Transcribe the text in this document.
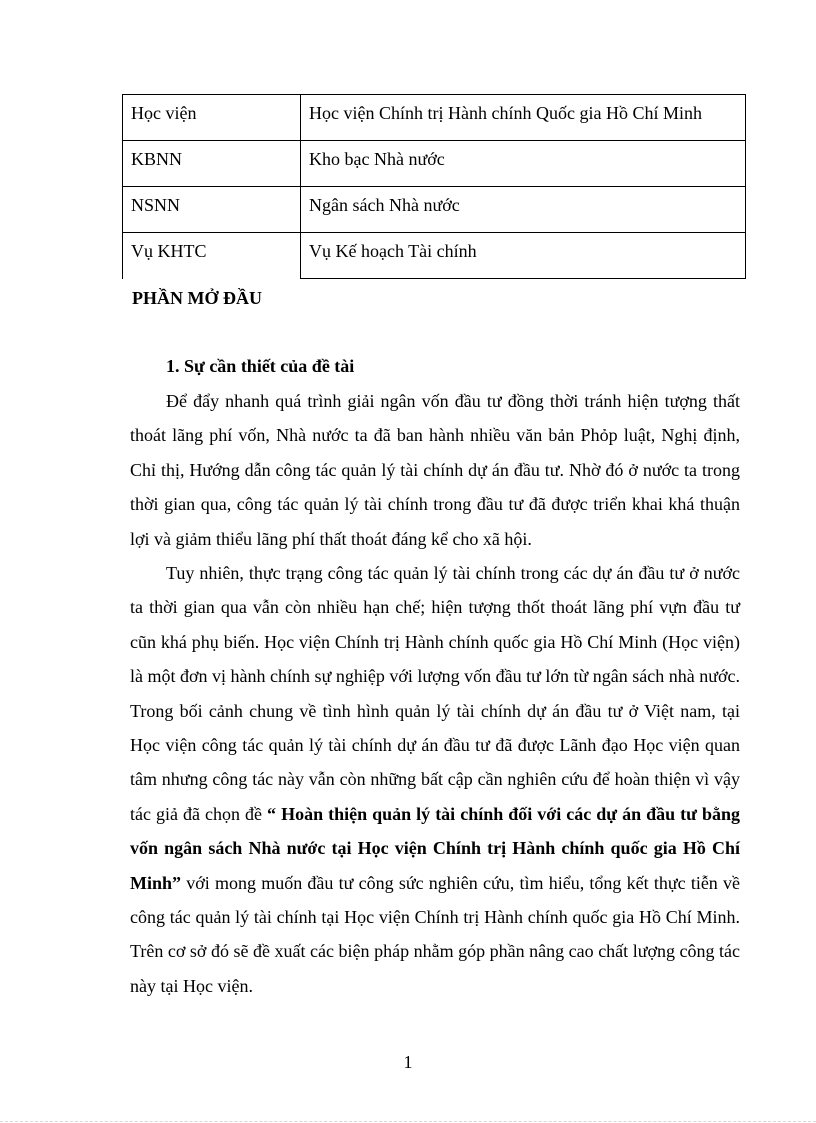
Học viện	Học viện Chính trị Hành chính Quốc gia Hồ Chí Minh
KBNN	Kho bạc Nhà nước
NSNN	Ngân sách Nhà nước
Vụ KHTC	Vụ Kế hoạch Tài chính
PHẦN MỞ ĐẦU
1. Sự cần thiết của đề tài

Để đẩy nhanh quá trình giải ngân vốn đầu tư đồng thời tránh hiện tượng thất thoát lãng phí vốn, Nhà nước ta đã ban hành nhiều văn bản Phỏp luật, Nghị định, Chỉ thị, Hướng dẫn công tác quản lý tài chính dự án đầu tư. Nhờ đó ở nước ta trong thời gian qua, công tác quản lý tài chính trong đầu tư đã được triển khai khá thuận lợi và giảm thiểu lãng phí thất thoát đáng kể cho xã hội.

Tuy nhiên, thực trạng công tác quản lý tài chính trong các dự án đầu tư ở nước ta thời gian qua vẫn còn nhiều hạn chế; hiện tượng thốt thoát lãng phí vựn đầu tư cũn khá phụ biến. Học viện Chính trị Hành chính quốc gia Hồ Chí Minh (Học viện) là một đơn vị hành chính sự nghiệp với lượng vốn đầu tư lớn từ ngân sách nhà nước. Trong bối cảnh chung về tình hình quản lý tài chính dự án đầu tư ở Việt nam, tại Học viện công tác quản lý tài chính dự án đầu tư đã được Lãnh đạo Học viện quan tâm nhưng công tác này vẫn còn những bất cập cần nghiên cứu để hoàn thiện vì vậy tác giả đã chọn đề “ Hoàn thiện quản lý tài chính đối với các dự án đầu tư bằng vốn ngân sách Nhà nước tại Học viện Chính trị Hành chính quốc gia Hồ Chí Minh” với mong muốn đầu tư công sức nghiên cứu, tìm hiểu, tổng kết thực tiễn về công tác quản lý tài chính tại Học viện Chính trị Hành chính quốc gia Hồ Chí Minh. Trên cơ sở đó sẽ đề xuất các biện pháp nhằm góp phần nâng cao chất lượng công tác này tại Học viện.

1
